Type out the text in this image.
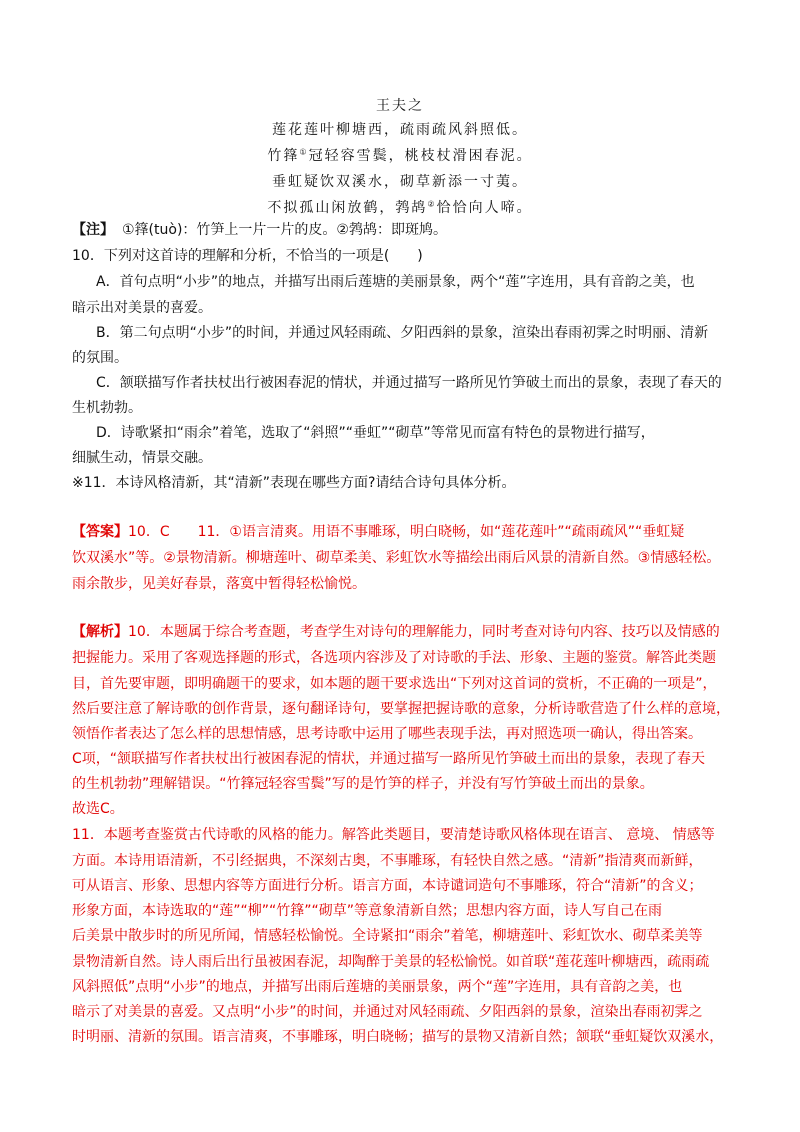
王夫之
莲花莲叶柳塘西，疏雨疏风斜照低。
竹箨①冠轻容雪鬓，桃枝杖滑困春泥。
垂虹疑饮双溪水，砌草新添一寸荑。
不拟孤山闲放鹤，鹁鸪②恰恰向人啼。
【注】 ①箨(tuò)：竹笋上一片一片的皮。②鹁鸪：即斑鸠。
10．下列对这首诗的理解和分析，不恰当的一项是(　　)
A．首句点明“小步”的地点，并描写出雨后莲塘的美丽景象，两个“莲”字连用，具有音韵之美，也
暗示出对美景的喜爱。
B．第二句点明“小步”的时间，并通过风轻雨疏、夕阳西斜的景象，渲染出春雨初霁之时明丽、清新
的氛围。
C．颔联描写作者扶杖出行被困春泥的情状，并通过描写一路所见竹笋破土而出的景象，表现了春天的
生机勃勃。
D．诗歌紧扣“雨余”着笔，选取了“斜照”“垂虹”“砌草”等常见而富有特色的景物进行描写，
细腻生动，情景交融。
※11．本诗风格清新，其“清新”表现在哪些方面?请结合诗句具体分析。
【答案】10．C　　11．①语言清爽。用语不事雕琢，明白晓畅，如“莲花莲叶”“疏雨疏风”“垂虹疑
饮双溪水”等。②景物清新。柳塘莲叶、砌草柔美、彩虹饮水等描绘出雨后风景的清新自然。③情感轻松。
雨余散步，见美好春景，落寞中暂得轻松愉悦。
【解析】10．本题属于综合考查题，考查学生对诗句的理解能力，同时考查对诗句内容、技巧以及情感的
把握能力。采用了客观选择题的形式，各选项内容涉及了对诗歌的手法、形象、主题的鉴赏。解答此类题
目，首先要审题，即明确题干的要求，如本题的题干要求选出“下列对这首词的赏析，不正确的一项是”，
然后要注意了解诗歌的创作背景，逐句翻译诗句，要掌握把握诗歌的意象，分析诗歌营造了什么样的意境，
领悟作者表达了怎么样的思想情感，思考诗歌中运用了哪些表现手法，再对照选项一确认，得出答案。
C项，“颔联描写作者扶杖出行被困春泥的情状，并通过描写一路所见竹笋破土而出的景象，表现了春天
的生机勃勃”理解错误。“竹箨冠轻容雪鬓”写的是竹笋的样子，并没有写竹笋破土而出的景象。
故选C。
11．本题考查鉴赏古代诗歌的风格的能力。解答此类题目，要清楚诗歌风格体现在语言、 意境、 情感等
方面。本诗用语清新，不引经据典，不深刻古奥，不事雕琢，有轻快自然之感。“清新”指清爽而新鲜，
可从语言、形象、思想内容等方面进行分析。语言方面，本诗谴词造句不事雕琢，符合“清新”的含义；
形象方面，本诗选取的“莲”“柳”“竹箨”“砌草”等意象清新自然；思想内容方面，诗人写自己在雨
后美景中散步时的所见所闻，情感轻松愉悦。全诗紧扣“雨余”着笔，柳塘莲叶、彩虹饮水、砌草柔美等
景物清新自然。诗人雨后出行虽被困春泥，却陶醉于美景的轻松愉悦。如首联“莲花莲叶柳塘西，疏雨疏
风斜照低”点明“小步”的地点，并描写出雨后莲塘的美丽景象，两个“莲”字连用，具有音韵之美，也
暗示了对美景的喜爱。又点明“小步”的时间，并通过对风轻雨疏、夕阳西斜的景象，渲染出春雨初霁之
时明丽、清新的氛围。语言清爽，不事雕琢，明白晓畅；描写的景物又清新自然；颔联“垂虹疑饮双溪水，
